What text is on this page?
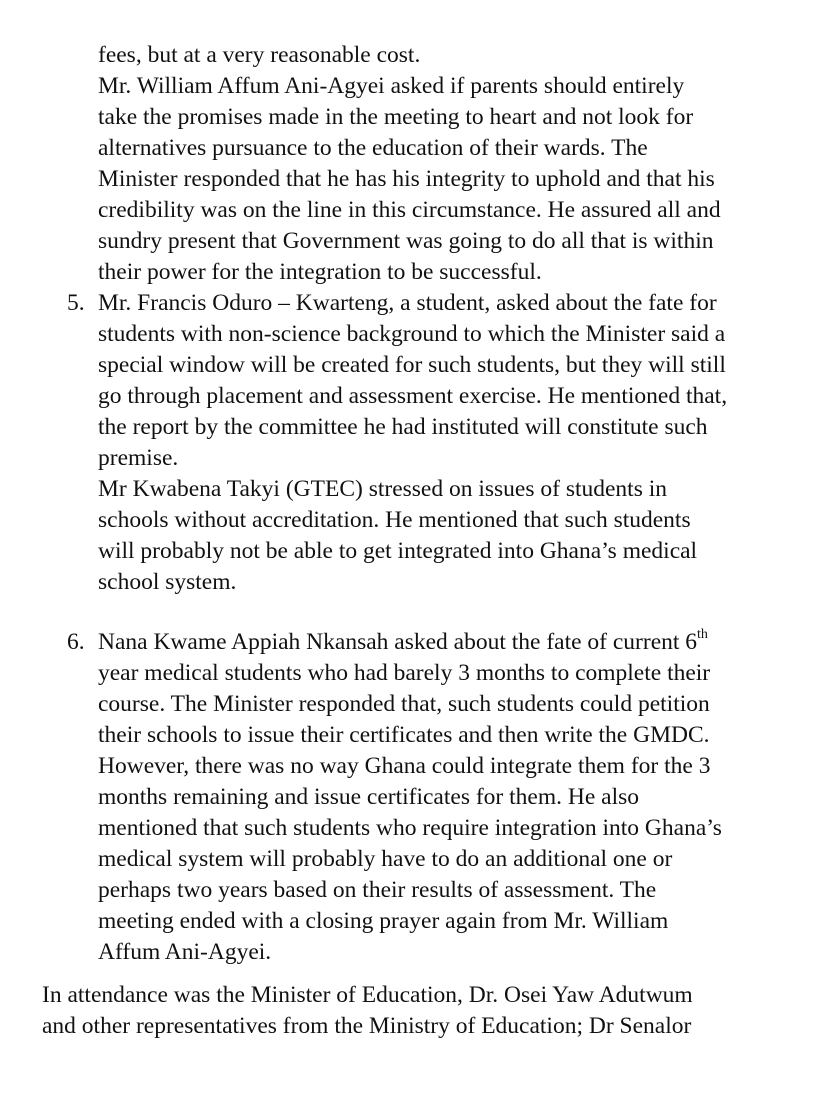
fees, but at a very reasonable cost.
Mr. William Affum Ani-Agyei asked if parents should entirely
take the promises made in the meeting to heart and not look for
alternatives pursuance to the education of their wards. The
Minister responded that he has his integrity to uphold and that his
credibility was on the line in this circumstance. He assured all and
sundry present that Government was going to do all that is within
their power for the integration to be successful.
5. Mr. Francis Oduro – Kwarteng, a student, asked about the fate for
students with non-science background to which the Minister said a
special window will be created for such students, but they will still
go through placement and assessment exercise. He mentioned that,
the report by the committee he had instituted will constitute such
premise.
Mr Kwabena Takyi (GTEC) stressed on issues of students in
schools without accreditation. He mentioned that such students
will probably not be able to get integrated into Ghana’s medical
school system.
6. Nana Kwame Appiah Nkansah asked about the fate of current 6th
year medical students who had barely 3 months to complete their
course. The Minister responded that, such students could petition
their schools to issue their certificates and then write the GMDC.
However, there was no way Ghana could integrate them for the 3
months remaining and issue certificates for them. He also
mentioned that such students who require integration into Ghana’s
medical system will probably have to do an additional one or
perhaps two years based on their results of assessment. The
meeting ended with a closing prayer again from Mr. William
Affum Ani-Agyei.
In attendance was the Minister of Education, Dr. Osei Yaw Adutwum
and other representatives from the Ministry of Education; Dr Senalor
